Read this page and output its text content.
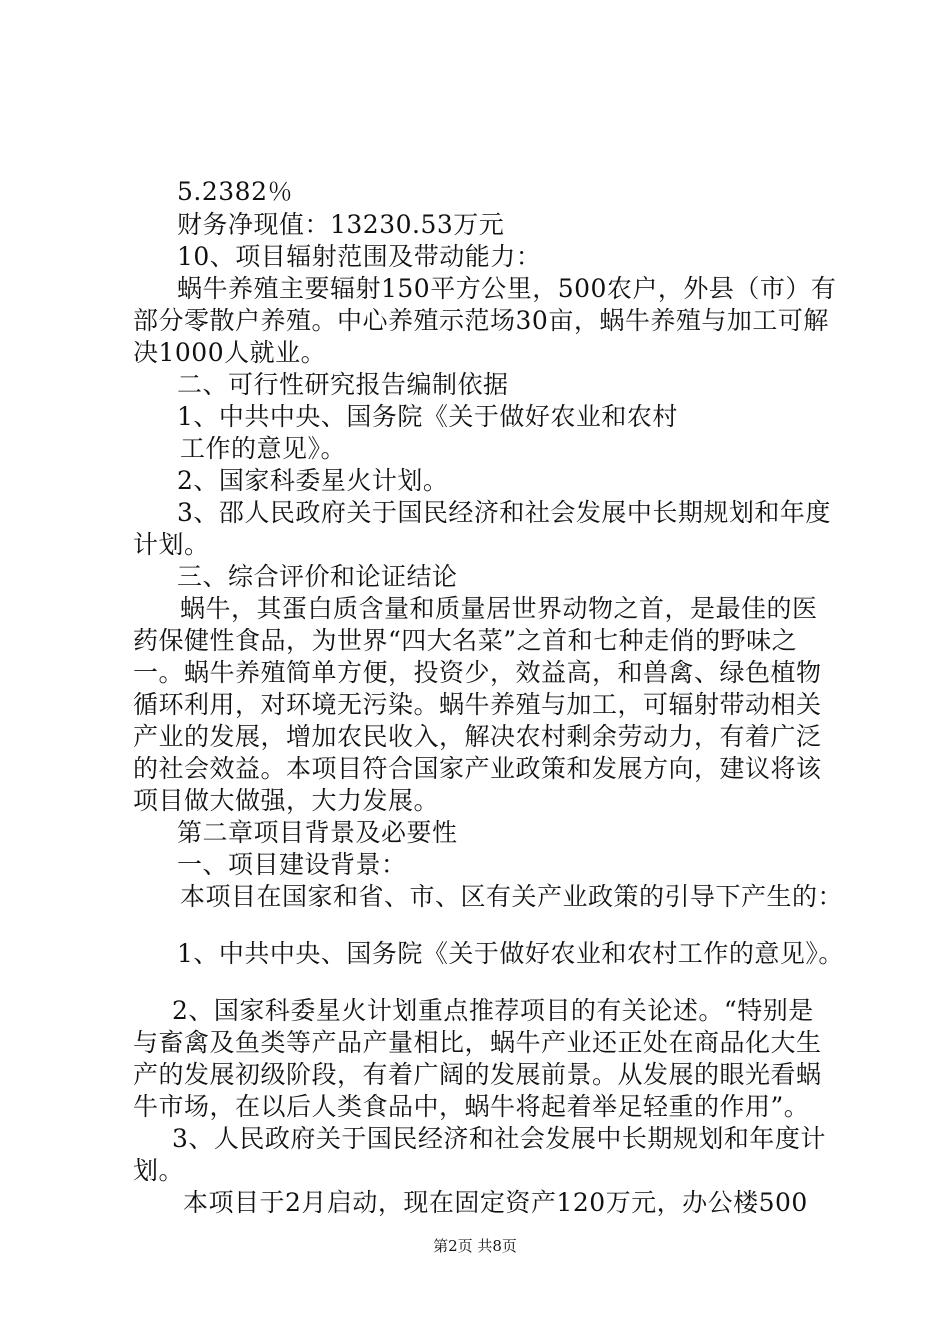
5.2382％
财务净现值：13230.53万元
10、项目辐射范围及带动能力：
蜗牛养殖主要辐射150平方公里，500农户，外县（市）有
部分零散户养殖。中心养殖示范场30亩，蜗牛养殖与加工可解
决1000人就业。
二、可行性研究报告编制依据
1、中共中央、国务院《关于做好农业和农村
工作的意见》。
2、国家科委星火计划。
3、邵人民政府关于国民经济和社会发展中长期规划和年度
计划。
三、综合评价和论证结论
蜗牛，其蛋白质含量和质量居世界动物之首，是最佳的医
药保健性食品，为世界“四大名菜”之首和七种走俏的野味之
一。蜗牛养殖简单方便，投资少，效益高，和兽禽、绿色植物
循环利用，对环境无污染。蜗牛养殖与加工，可辐射带动相关
产业的发展，增加农民收入，解决农村剩余劳动力，有着广泛
的社会效益。本项目符合国家产业政策和发展方向，建议将该
项目做大做强，大力发展。
第二章项目背景及必要性
一、项目建设背景：
本项目在国家和省、市、区有关产业政策的引导下产生的：
1、中共中央、国务院《关于做好农业和农村工作的意见》。
2、国家科委星火计划重点推荐项目的有关论述。“特别是
与畜禽及鱼类等产品产量相比，蜗牛产业还正处在商品化大生
产的发展初级阶段，有着广阔的发展前景。从发展的眼光看蜗
牛市场，在以后人类食品中，蜗牛将起着举足轻重的作用”。
3、人民政府关于国民经济和社会发展中长期规划和年度计
划。
本项目于2月启动，现在固定资产120万元，办公楼500
第2页 共8页
